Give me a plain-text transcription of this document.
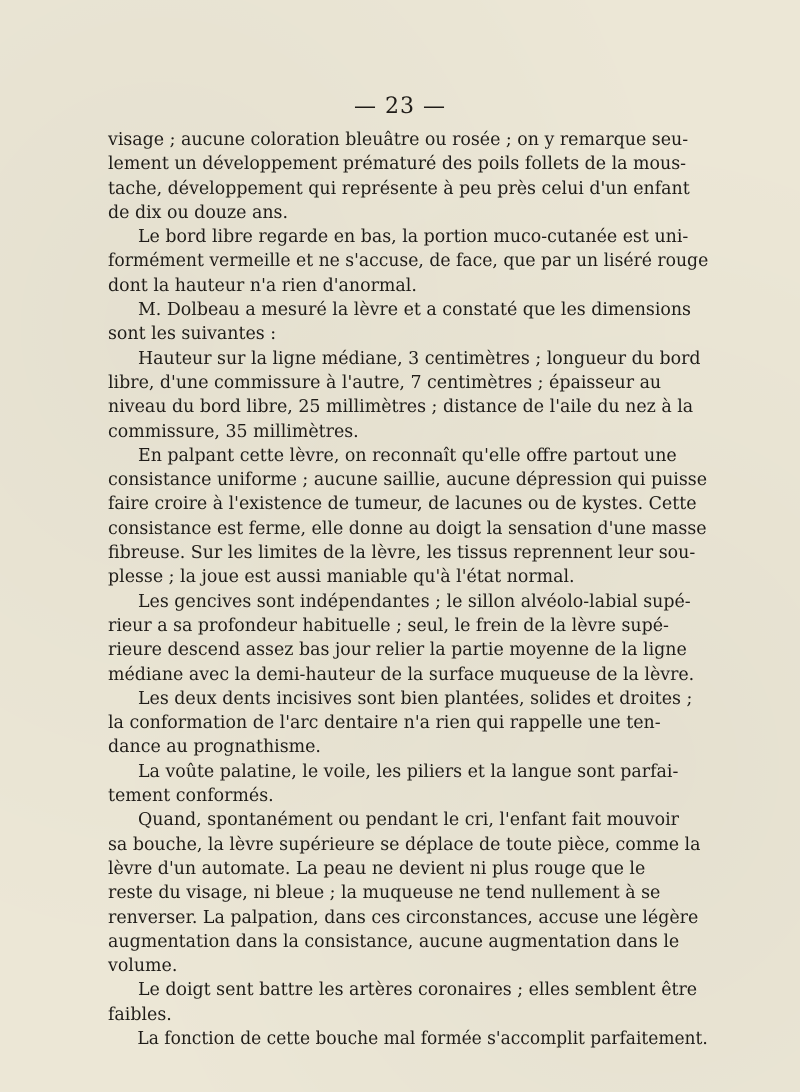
— 23 —
visage ; aucune coloration bleuâtre ou rosée ; on y remarque seu-
lement un développement prématuré des poils follets de la mous-
tache, développement qui représente à peu près celui d'un enfant
de dix ou douze ans.
Le bord libre regarde en bas, la portion muco-cutanée est uni-
formément vermeille et ne s'accuse, de face, que par un liséré rouge
dont la hauteur n'a rien d'anormal.
M. Dolbeau a mesuré la lèvre et a constaté que les dimensions
sont les suivantes :
Hauteur sur la ligne médiane, 3 centimètres ; longueur du bord
libre, d'une commissure à l'autre, 7 centimètres ; épaisseur au
niveau du bord libre, 25 millimètres ; distance de l'aile du nez à la
commissure, 35 millimètres.
En palpant cette lèvre, on reconnaît qu'elle offre partout une
consistance uniforme ; aucune saillie, aucune dépression qui puisse
faire croire à l'existence de tumeur, de lacunes ou de kystes. Cette
consistance est ferme, elle donne au doigt la sensation d'une masse
fibreuse. Sur les limites de la lèvre, les tissus reprennent leur sou-
plesse ; la joue est aussi maniable qu'à l'état normal.
Les gencives sont indépendantes ; le sillon alvéolo-labial supé-
rieur a sa profondeur habituelle ; seul, le frein de la lèvre supé-
rieure descend assez bas jour relier la partie moyenne de la ligne
médiane avec la demi-hauteur de la surface muqueuse de la lèvre.
Les deux dents incisives sont bien plantées, solides et droites ;
la conformation de l'arc dentaire n'a rien qui rappelle une ten-
dance au prognathisme.
La voûte palatine, le voile, les piliers et la langue sont parfai-
tement conformés.
Quand, spontanément ou pendant le cri, l'enfant fait mouvoir
sa bouche, la lèvre supérieure se déplace de toute pièce, comme la
lèvre d'un automate. La peau ne devient ni plus rouge que le
reste du visage, ni bleue ; la muqueuse ne tend nullement à se
renverser. La palpation, dans ces circonstances, accuse une légère
augmentation dans la consistance, aucune augmentation dans le
volume.
Le doigt sent battre les artères coronaires ; elles semblent être
faibles.
La fonction de cette bouche mal formée s'accomplit parfaitement.
